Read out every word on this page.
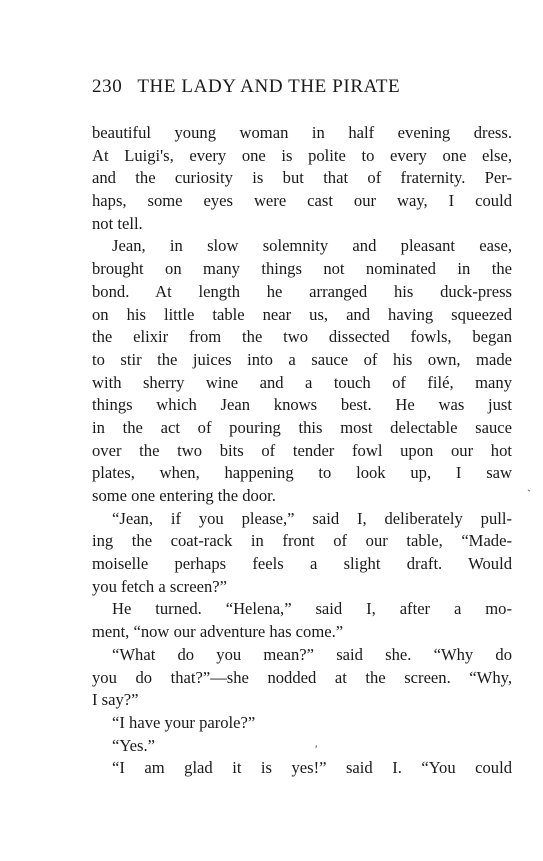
230 THE LADY AND THE PIRATE
beautiful young woman in half evening dress.
At Luigi's, every one is polite to every one else,
and the curiosity is but that of fraternity. Per-
haps, some eyes were cast our way, I could
not tell.
Jean, in slow solemnity and pleasant ease,
brought on many things not nominated in the
bond. At length he arranged his duck-press
on his little table near us, and having squeezed
the elixir from the two dissected fowls, began
to stir the juices into a sauce of his own, made
with sherry wine and a touch of filé, many
things which Jean knows best. He was just
in the act of pouring this most delectable sauce
over the two bits of tender fowl upon our hot
plates, when, happening to look up, I saw
some one entering the door.
“Jean, if you please,” said I, deliberately pull-
ing the coat-rack in front of our table, “Made-
moiselle perhaps feels a slight draft. Would
you fetch a screen?”
He turned. “Helena,” said I, after a mo-
ment, “now our adventure has come.”
“What do you mean?” said she. “Why do
you do that?”—she nodded at the screen. “Why,
I say?”
“I have your parole?”
“Yes.”
“I am glad it is yes!” said I. “You could
ˏ
′
